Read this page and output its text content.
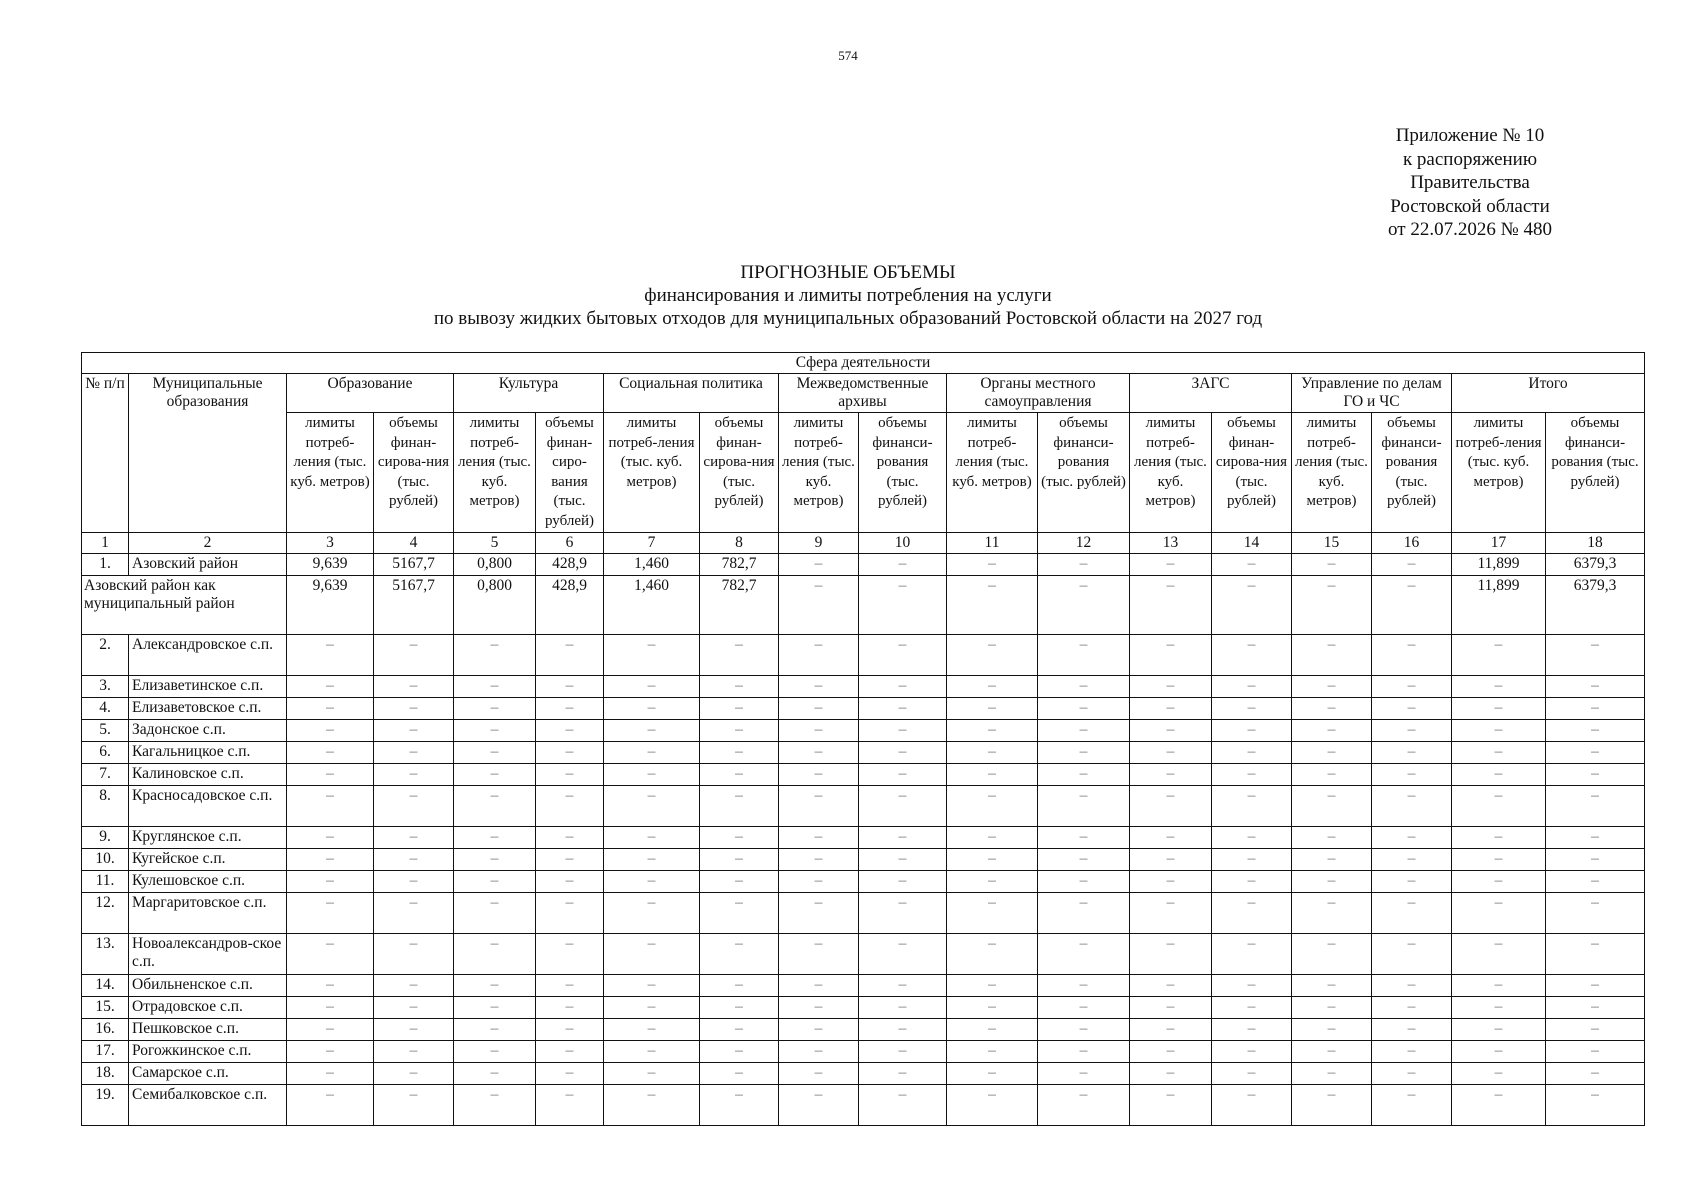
574
Приложение № 10
к распоряжению
Правительства
Ростовской области
от 22.07.2026 № 480
ПРОГНОЗНЫЕ ОБЪЕМЫ
финансирования и лимиты потребления на услуги
по вывозу жидких бытовых отходов для муниципальных образований Ростовской области на 2027 год
Сфера деятельности																	
№ п/п	Муниципальные образования	Образование		Культура		Социальная политика		Межведомственные архивы		Органы местного самоуправления		ЗАГС		Управление по делам ГО и ЧС		Итого	
		лимиты потреб-ления (тыс. куб. метров)	объемы финан-сирова-ния (тыс. рублей)	лимиты потреб-ления (тыс. куб. метров)	объемы финан-сиро-вания (тыс. рублей)	лимиты потреб-ления (тыс. куб. метров)	объемы финан-сирова-ния (тыс. рублей)	лимиты потреб-ления (тыс. куб. метров)	объемы финанси-рования (тыс. рублей)	лимиты потреб-ления (тыс. куб. метров)	объемы финанси-рования (тыс. рублей)	лимиты потреб-ления (тыс. куб. метров)	объемы финан-сирова-ния (тыс. рублей)	лимиты потреб-ления (тыс. куб. метров)	объемы финанси-рования (тыс. рублей)	лимиты потреб-ления (тыс. куб. метров)	объемы финанси-рования (тыс. рублей)
1	2	3	4	5	6	7	8	9	10	11	12	13	14	15	16	17	18
1.	Азовский район	9,639	5167,7	0,800	428,9	1,460	782,7	–	–	–	–	–	–	–	–	11,899	6379,3
Азовский район как муниципальный район		9,639	5167,7	0,800	428,9	1,460	782,7	–	–	–	–	–	–	–	–	11,899	6379,3
2.	Александровское с.п.	–	–	–	–	–	–	–	–	–	–	–	–	–	–	–	–
3.	Елизаветинское с.п.	–	–	–	–	–	–	–	–	–	–	–	–	–	–	–	–
4.	Елизаветовское с.п.	–	–	–	–	–	–	–	–	–	–	–	–	–	–	–	–
5.	Задонское с.п.	–	–	–	–	–	–	–	–	–	–	–	–	–	–	–	–
6.	Кагальницкое с.п.	–	–	–	–	–	–	–	–	–	–	–	–	–	–	–	–
7.	Калиновское с.п.	–	–	–	–	–	–	–	–	–	–	–	–	–	–	–	–
8.	Красносадовское с.п.	–	–	–	–	–	–	–	–	–	–	–	–	–	–	–	–
9.	Круглянское с.п.	–	–	–	–	–	–	–	–	–	–	–	–	–	–	–	–
10.	Кугейское с.п.	–	–	–	–	–	–	–	–	–	–	–	–	–	–	–	–
11.	Кулешовское с.п.	–	–	–	–	–	–	–	–	–	–	–	–	–	–	–	–
12.	Маргаритовское с.п.	–	–	–	–	–	–	–	–	–	–	–	–	–	–	–	–
13.	Новоалександров-ское с.п.	–	–	–	–	–	–	–	–	–	–	–	–	–	–	–	–
14.	Обильненское с.п.	–	–	–	–	–	–	–	–	–	–	–	–	–	–	–	–
15.	Отрадовское с.п.	–	–	–	–	–	–	–	–	–	–	–	–	–	–	–	–
16.	Пешковское с.п.	–	–	–	–	–	–	–	–	–	–	–	–	–	–	–	–
17.	Рогожкинское с.п.	–	–	–	–	–	–	–	–	–	–	–	–	–	–	–	–
18.	Самарское с.п.	–	–	–	–	–	–	–	–	–	–	–	–	–	–	–	–
19.	Семибалковское с.п.	–	–	–	–	–	–	–	–	–	–	–	–	–	–	–	–
